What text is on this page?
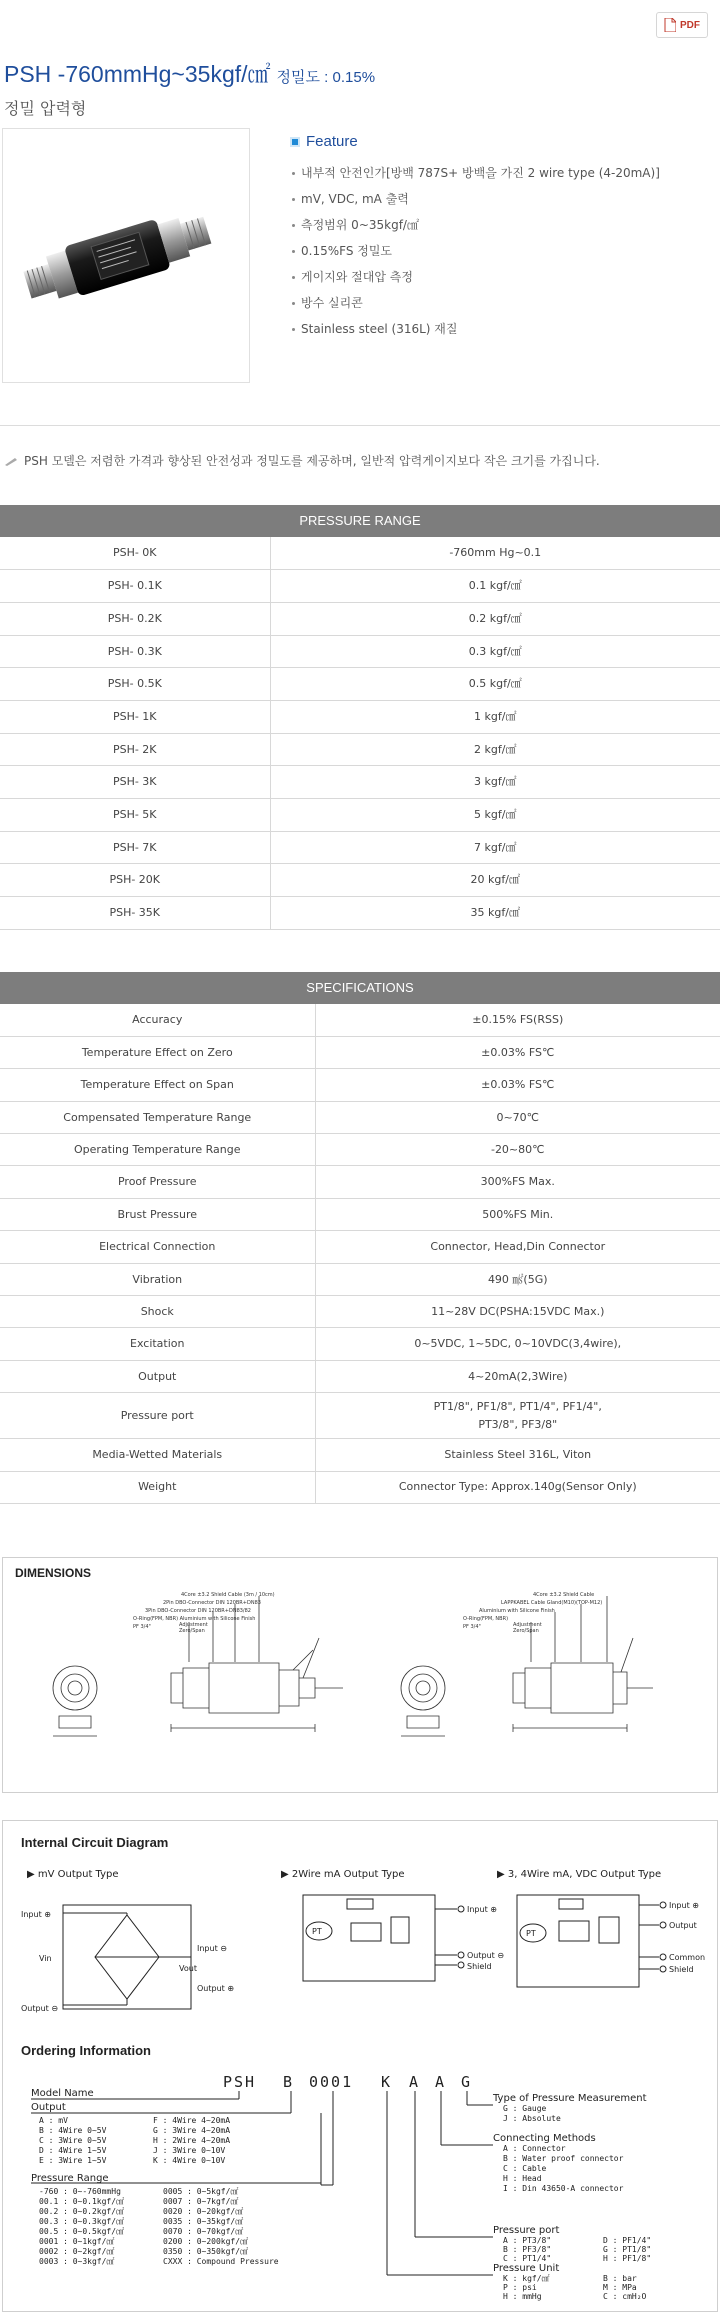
PDF
PSH -760mmHg~35kgf/㎠ 정밀도 : 0.15%
정밀 압력형
Feature
내부적 안전인가[방백 787S+ 방백을 가진 2 wire type (4-20mA)]
mV, VDC, mA 출력
측정범위 0~35kgf/㎠
0.15%FS 정밀도
게이지와 절대압 측정
방수 실리콘
Stainless steel (316L) 재질
PSH 모델은 저렴한 가격과 향상된 안전성과 정밀도를 제공하며, 일반적 압력게이지보다 작은 크기를 가집니다.
PRESSURE RANGE
PSH- 0K	-760mm Hg~0.1
PSH- 0.1K	0.1 kgf/㎠
PSH- 0.2K	0.2 kgf/㎠
PSH- 0.3K	0.3 kgf/㎠
PSH- 0.5K	0.5 kgf/㎠
PSH- 1K	1 kgf/㎠
PSH- 2K	2 kgf/㎠
PSH- 3K	3 kgf/㎠
PSH- 5K	5 kgf/㎠
PSH- 7K	7 kgf/㎠
PSH- 20K	20 kgf/㎠
PSH- 35K	35 kgf/㎠
SPECIFICATIONS
Accuracy	±0.15% FS(RSS)
Temperature Effect on Zero	±0.03% FS℃
Temperature Effect on Span	±0.03% FS℃
Compensated Temperature Range	0~70℃
Operating Temperature Range	-20~80℃
Proof Pressure	300%FS Max.
Brust Pressure	500%FS Min.
Electrical Connection	Connector, Head,Din Connector
Vibration	490 ㎨(5G)
Shock	11~28V DC(PSHA:15VDC Max.)
Excitation	0~5VDC, 1~5DC, 0~10VDC(3,4wire),
Output	4~20mA(2,3Wire)
Pressure port	PT1/8", PF1/8", PT1/4", PF1/4",
PT3/8", PF3/8"
Media-Wetted Materials	Stainless Steel 316L, Viton
Weight	Connector Type: Approx.140g(Sensor Only)
DIMENSIONS
4Core ±3.2 Shield Cable (3m / 10cm)
2Pin DBO-Connector DIN 120BR+DN83
3Pin DBO-Connector DIN 120BR+DN83/82
O-Ring(FPM, NBR) Aluminium with Silicone Finish
PF 3/4"	Adjustment
Zero/Span
4Core ±3.2 Shield Cable
LAPPKABEL Cable Gland(M10)(TOP-M12)
Aluminium with Silicone Finish
O-Ring(FPM, NBR)
PF 3/4"	Adjustment
Zero/Span
Internal Circuit Diagram
▶ mV Output Type	▶ 2Wire mA Output Type	▶ 3, 4Wire mA, VDC Output Type
Input ⊕
Vin
Output ⊖
Input ⊖
Vout
Output ⊕
PT
Input ⊕
Output ⊖
Shield
PT
Input ⊕
Output
Common
Shield
Ordering Information
PSH B 0001 K A A G
Model Name
Output
Pressure Range
Type of Pressure Measurement
Connecting Methods
Pressure port
Pressure Unit
A : mV	F : 4Wire 4~20mA
B : 4Wire 0~5V	G : 3Wire 4~20mA
C : 3Wire 0~5V	H : 2Wire 4~20mA
D : 4Wire 1~5V	J : 3Wire 0~10V
E : 3Wire 1~5V	K : 4Wire 0~10V
-760 : 0~-760mmHg	0005 : 0~5kgf/㎠
00.1 : 0~0.1kgf/㎠	0007 : 0~7kgf/㎠
00.2 : 0~0.2kgf/㎠	0020 : 0~20kgf/㎠
00.3 : 0~0.3kgf/㎠	0035 : 0~35kgf/㎠
00.5 : 0~0.5kgf/㎠	0070 : 0~70kgf/㎠
0001 : 0~1kgf/㎠	0200 : 0~200kgf/㎠
0002 : 0~2kgf/㎠	0350 : 0~350kgf/㎠
0003 : 0~3kgf/㎠	CXXX : Compound Pressure
G : Gauge
J : Absolute
A : Connector
B : Water proof connector
C : Cable
H : Head
I : Din 43650-A connector
A : PT3/8"	D : PF1/4"
B : PF3/8"	G : PT1/8"
C : PT1/4"	H : PF1/8"
K : kgf/㎠	B : bar
P : psi	M : MPa
H : mmHg	C : cmH₂O
